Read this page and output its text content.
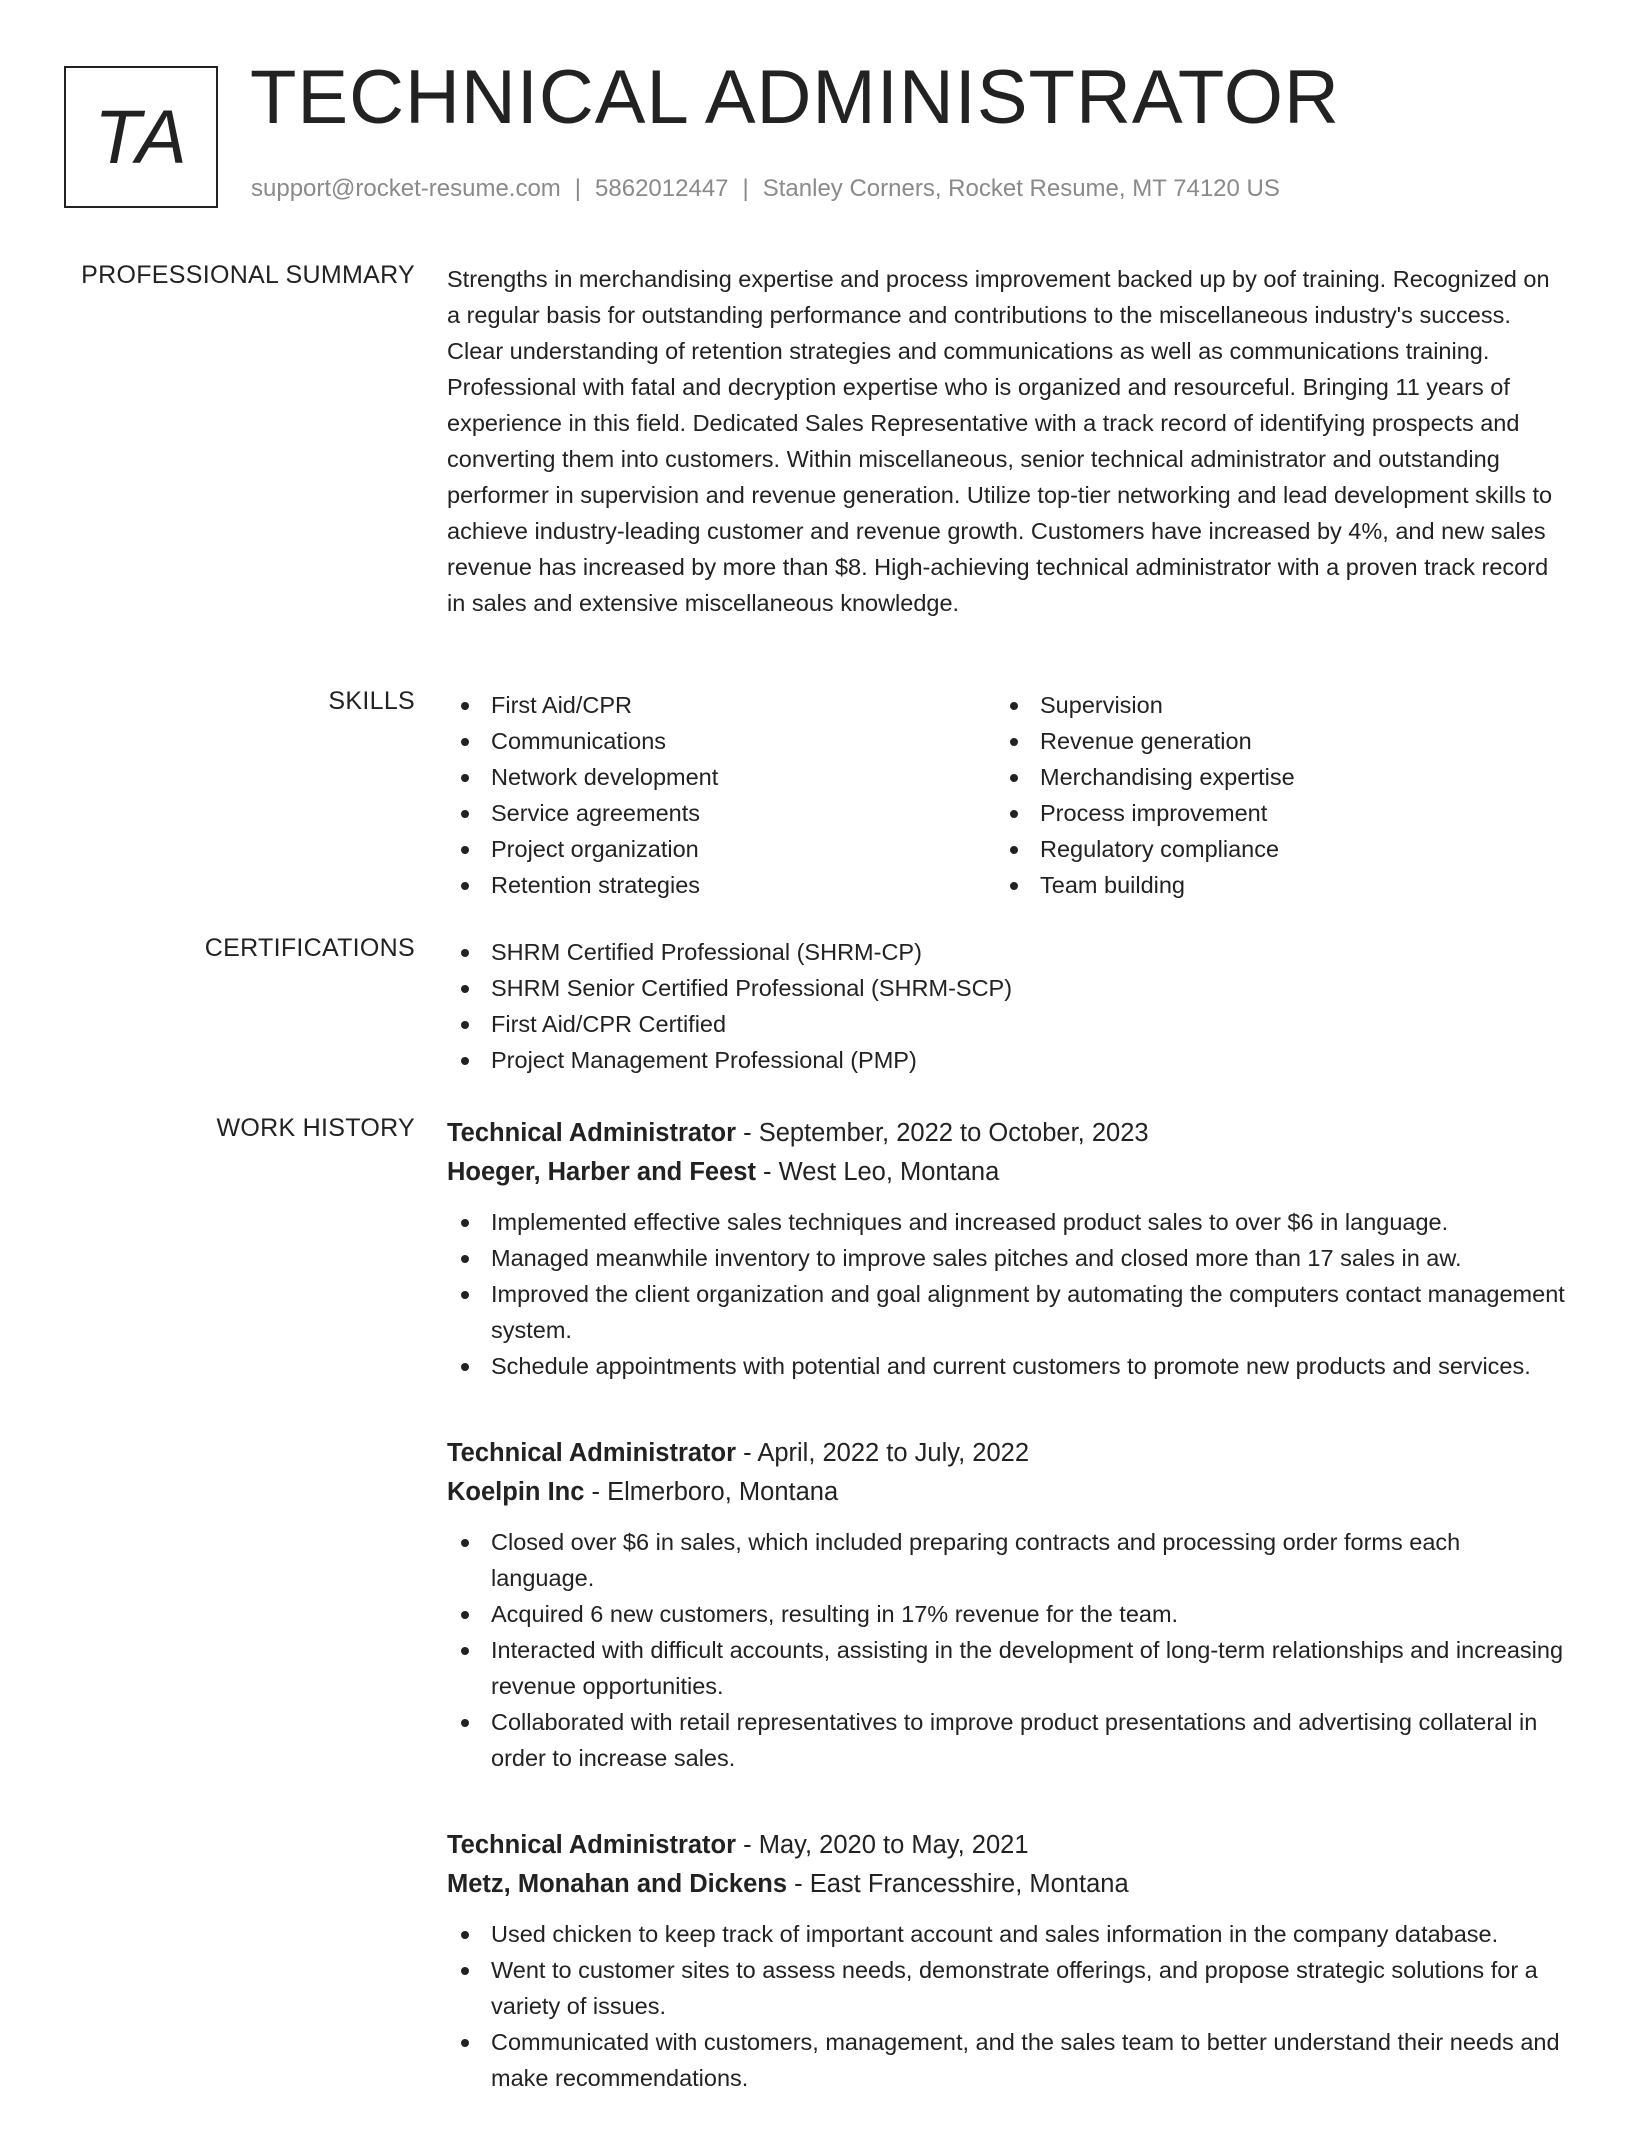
TA TECHNICAL ADMINISTRATOR
support@rocket-resume.com | 5862012447 | Stanley Corners, Rocket Resume, MT 74120 US
PROFESSIONAL SUMMARY Strengths in merchandising expertise and process improvement backed up by oof training. Recognized on a regular basis for outstanding performance and contributions to the miscellaneous industry's success. Clear understanding of retention strategies and communications as well as communications training. Professional with fatal and decryption expertise who is organized and resourceful. Bringing 11 years of experience in this field. Dedicated Sales Representative with a track record of identifying prospects and converting them into customers. Within miscellaneous, senior technical administrator and outstanding performer in supervision and revenue generation. Utilize top-tier networking and lead development skills to achieve industry-leading customer and revenue growth. Customers have increased by 4%, and new sales revenue has increased by more than $8. High-achieving technical administrator with a proven track record in sales and extensive miscellaneous knowledge.

SKILLS	First Aid/CPR
Communications
Network development
Service agreements
Project organization
Retention strategies
Supervision
Revenue generation
Merchandising expertise
Process improvement
Regulatory compliance
Team building
CERTIFICATIONS	SHRM Certified Professional (SHRM-CP)
SHRM Senior Certified Professional (SHRM-SCP)
First Aid/CPR Certified
Project Management Professional (PMP)
WORK HISTORY Technical Administrator - September, 2022 to October, 2023
Hoeger, Harber and Feest - West Leo, Montana
Implemented effective sales techniques and increased product sales to over $6 in language.
Managed meanwhile inventory to improve sales pitches and closed more than 17 sales in aw.
Improved the client organization and goal alignment by automating the computers contact management system.
Schedule appointments with potential and current customers to promote new products and services.
Technical Administrator - April, 2022 to July, 2022
Koelpin Inc - Elmerboro, Montana
Closed over $6 in sales, which included preparing contracts and processing order forms each language.
Acquired 6 new customers, resulting in 17% revenue for the team.
Interacted with difficult accounts, assisting in the development of long-term relationships and increasing revenue opportunities.
Collaborated with retail representatives to improve product presentations and advertising collateral in order to increase sales.
Technical Administrator - May, 2020 to May, 2021
Metz, Monahan and Dickens - East Francesshire, Montana
Used chicken to keep track of important account and sales information in the company database.
Went to customer sites to assess needs, demonstrate offerings, and propose strategic solutions for a variety of issues.
Communicated with customers, management, and the sales team to better understand their needs and make recommendations.
